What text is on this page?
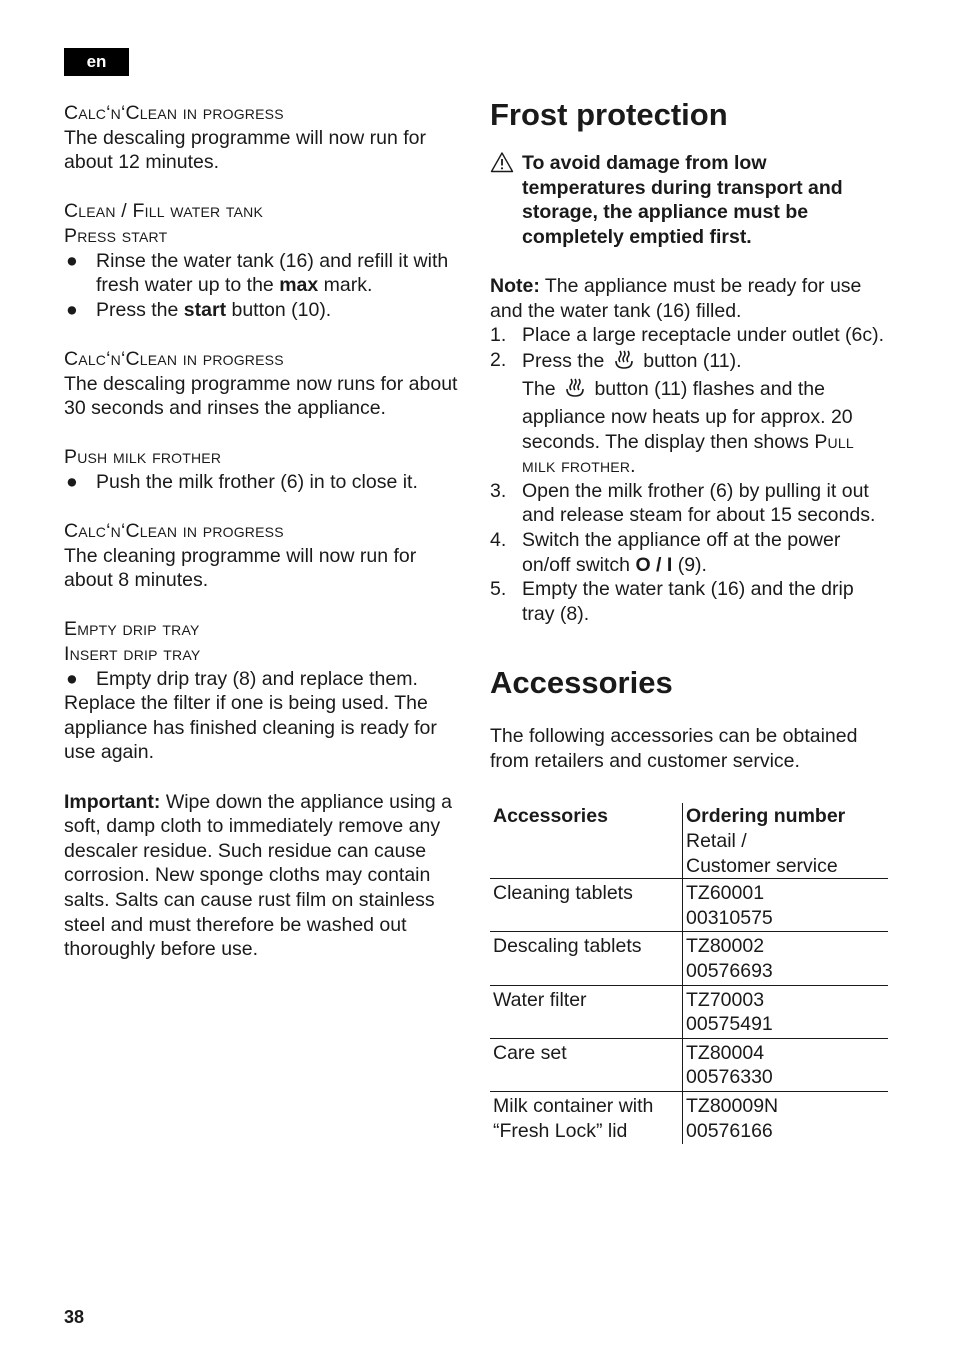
en

Calc‘n‘Clean in progress

The descaling programme will now run for about 12 minutes.

Clean / Fill water tank

Press start

● Rinse the water tank (16) and refill it with fresh water up to the max mark.
● Press the start button (10).

Calc‘n‘Clean in progress

The descaling programme now runs for about 30 seconds and rinses the appliance.

Push milk frother

● Push the milk frother (6) in to close it.

Calc‘n‘Clean in progress

The cleaning programme will now run for about 8 minutes.

Empty drip tray

Insert drip tray

● Empty drip tray (8) and replace them.

Replace the filter if one is being used. The appliance has finished cleaning is ready for use again.

Important: Wipe down the appliance using a soft, damp cloth to immediately remove any descaler residue. Such residue can cause corrosion. New sponge cloths may contain salts. Salts can cause rust film on stainless steel and must therefore be washed out thoroughly before use.

Frost protection
To avoid damage from low temperatures during transport and storage, the appliance must be completely emptied first.

Note: The appliance must be ready for use and the water tank (16) filled.

1. Place a large receptacle under outlet (6c).
2. Press the button (11).
The button (11) flashes and the appliance now heats up for approx. 20 seconds. The display then shows Pull milk frother.
3. Open the milk frother (6) by pulling it out and release steam for about 15 seconds.
4. Switch the appliance off at the power on/off switch O / I (9).
5. Empty the water tank (16) and the drip tray (8).
Accessories

The following accessories can be obtained from retailers and customer service.

Accessories	Ordering number
Retail /
Customer service
Cleaning tablets	TZ60001
00310575
Descaling tablets	TZ80002
00576693
Water filter	TZ70003
00575491
Care set	TZ80004
00576330
Milk container with “Fresh Lock” lid	TZ80009N
00576166
38
